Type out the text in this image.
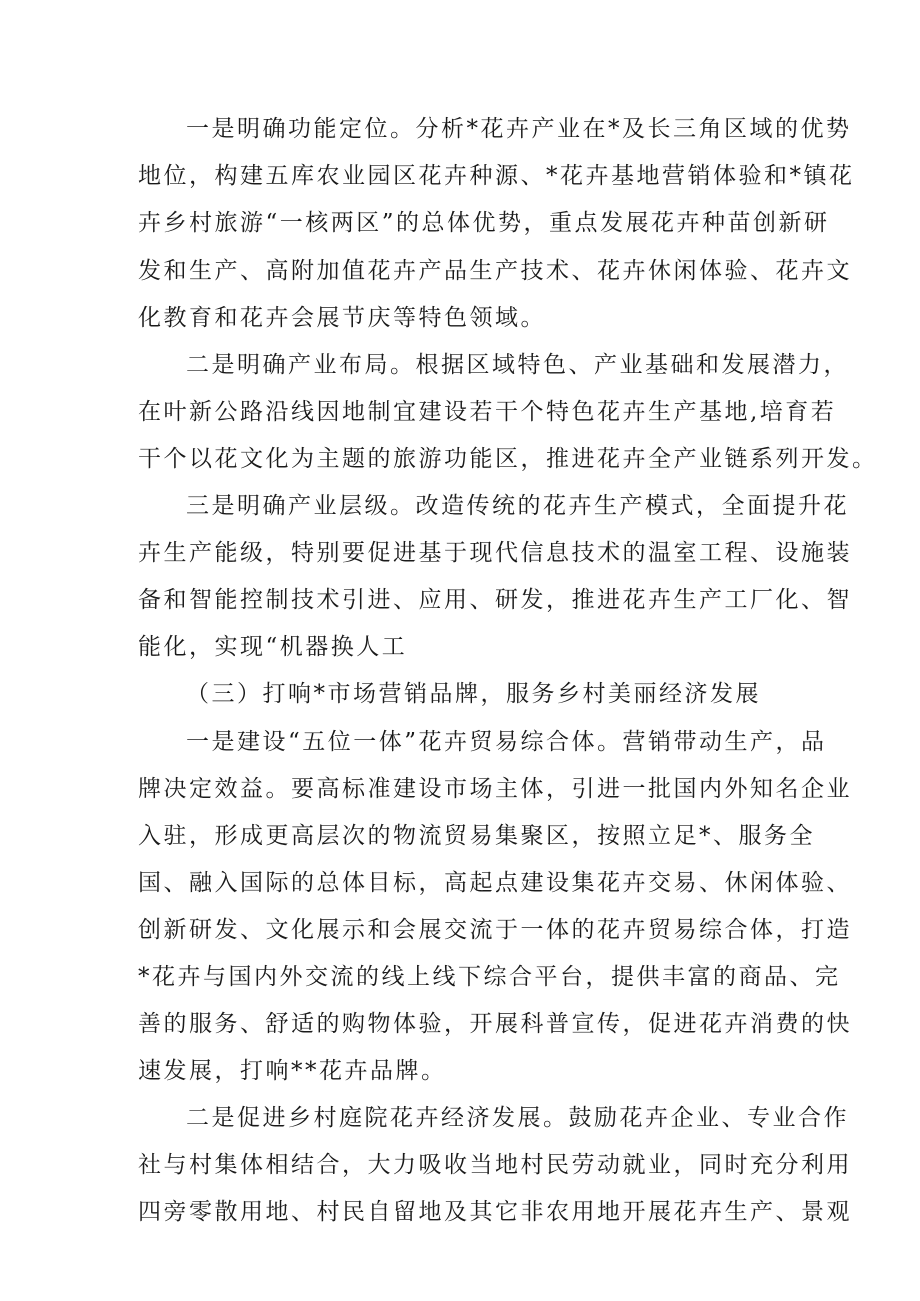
一是明确功能定位。分析*花卉产业在*及长三角区域的优势
地位，构建五库农业园区花卉种源、*花卉基地营销体验和*镇花
卉乡村旅游“一核两区”的总体优势，重点发展花卉种苗创新研
发和生产、高附加值花卉产品生产技术、花卉休闲体验、花卉文
化教育和花卉会展节庆等特色领域。
二是明确产业布局。根据区域特色、产业基础和发展潜力，
在叶新公路沿线因地制宜建设若干个特色花卉生产基地,培育若
干个以花文化为主题的旅游功能区，推进花卉全产业链系列开发。
三是明确产业层级。改造传统的花卉生产模式，全面提升花
卉生产能级，特别要促进基于现代信息技术的温室工程、设施装
备和智能控制技术引进、应用、研发，推进花卉生产工厂化、智
能化，实现“机器换人工
（三）打响*市场营销品牌，服务乡村美丽经济发展
一是建设“五位一体”花卉贸易综合体。营销带动生产，品
牌决定效益。要高标准建设市场主体，引进一批国内外知名企业
入驻，形成更高层次的物流贸易集聚区，按照立足*、服务全
国、融入国际的总体目标，高起点建设集花卉交易、休闲体验、
创新研发、文化展示和会展交流于一体的花卉贸易综合体，打造
*花卉与国内外交流的线上线下综合平台，提供丰富的商品、完
善的服务、舒适的购物体验，开展科普宣传，促进花卉消费的快
速发展，打响**花卉品牌。
二是促进乡村庭院花卉经济发展。鼓励花卉企业、专业合作
社与村集体相结合，大力吸收当地村民劳动就业，同时充分利用
四旁零散用地、村民自留地及其它非农用地开展花卉生产、景观
